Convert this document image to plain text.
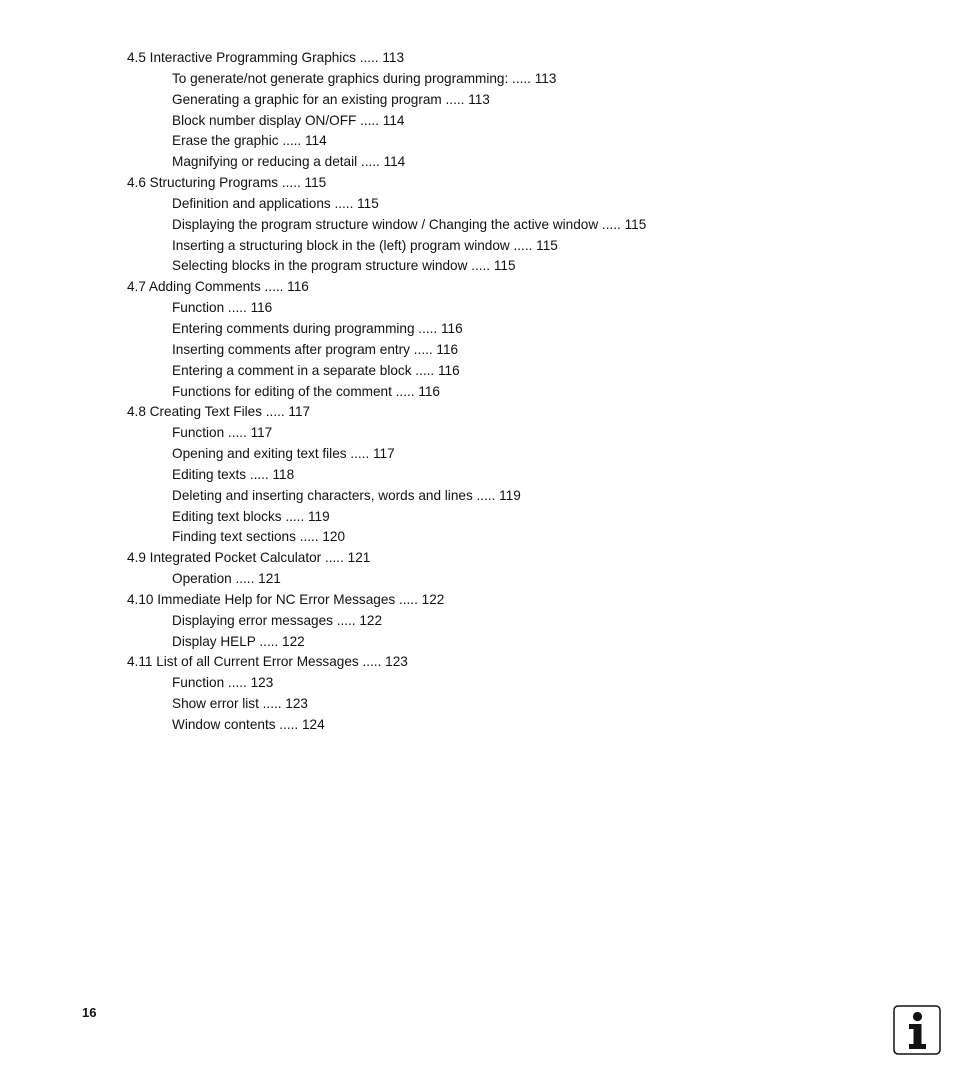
4.5 Interactive Programming Graphics ..... 113
To generate/not generate graphics during programming: ..... 113
Generating a graphic for an existing program ..... 113
Block number display ON/OFF ..... 114
Erase the graphic ..... 114
Magnifying or reducing a detail ..... 114
4.6 Structuring Programs ..... 115
Definition and applications ..... 115
Displaying the program structure window / Changing the active window ..... 115
Inserting a structuring block in the (left) program window ..... 115
Selecting blocks in the program structure window ..... 115
4.7 Adding Comments ..... 116
Function ..... 116
Entering comments during programming ..... 116
Inserting comments after program entry ..... 116
Entering a comment in a separate block ..... 116
Functions for editing of the comment ..... 116
4.8 Creating Text Files ..... 117
Function ..... 117
Opening and exiting text files ..... 117
Editing texts ..... 118
Deleting and inserting characters, words and lines ..... 119
Editing text blocks ..... 119
Finding text sections ..... 120
4.9 Integrated Pocket Calculator ..... 121
Operation ..... 121
4.10 Immediate Help for NC Error Messages ..... 122
Displaying error messages ..... 122
Display HELP ..... 122
4.11 List of all Current Error Messages ..... 123
Function ..... 123
Show error list ..... 123
Window contents ..... 124
16
